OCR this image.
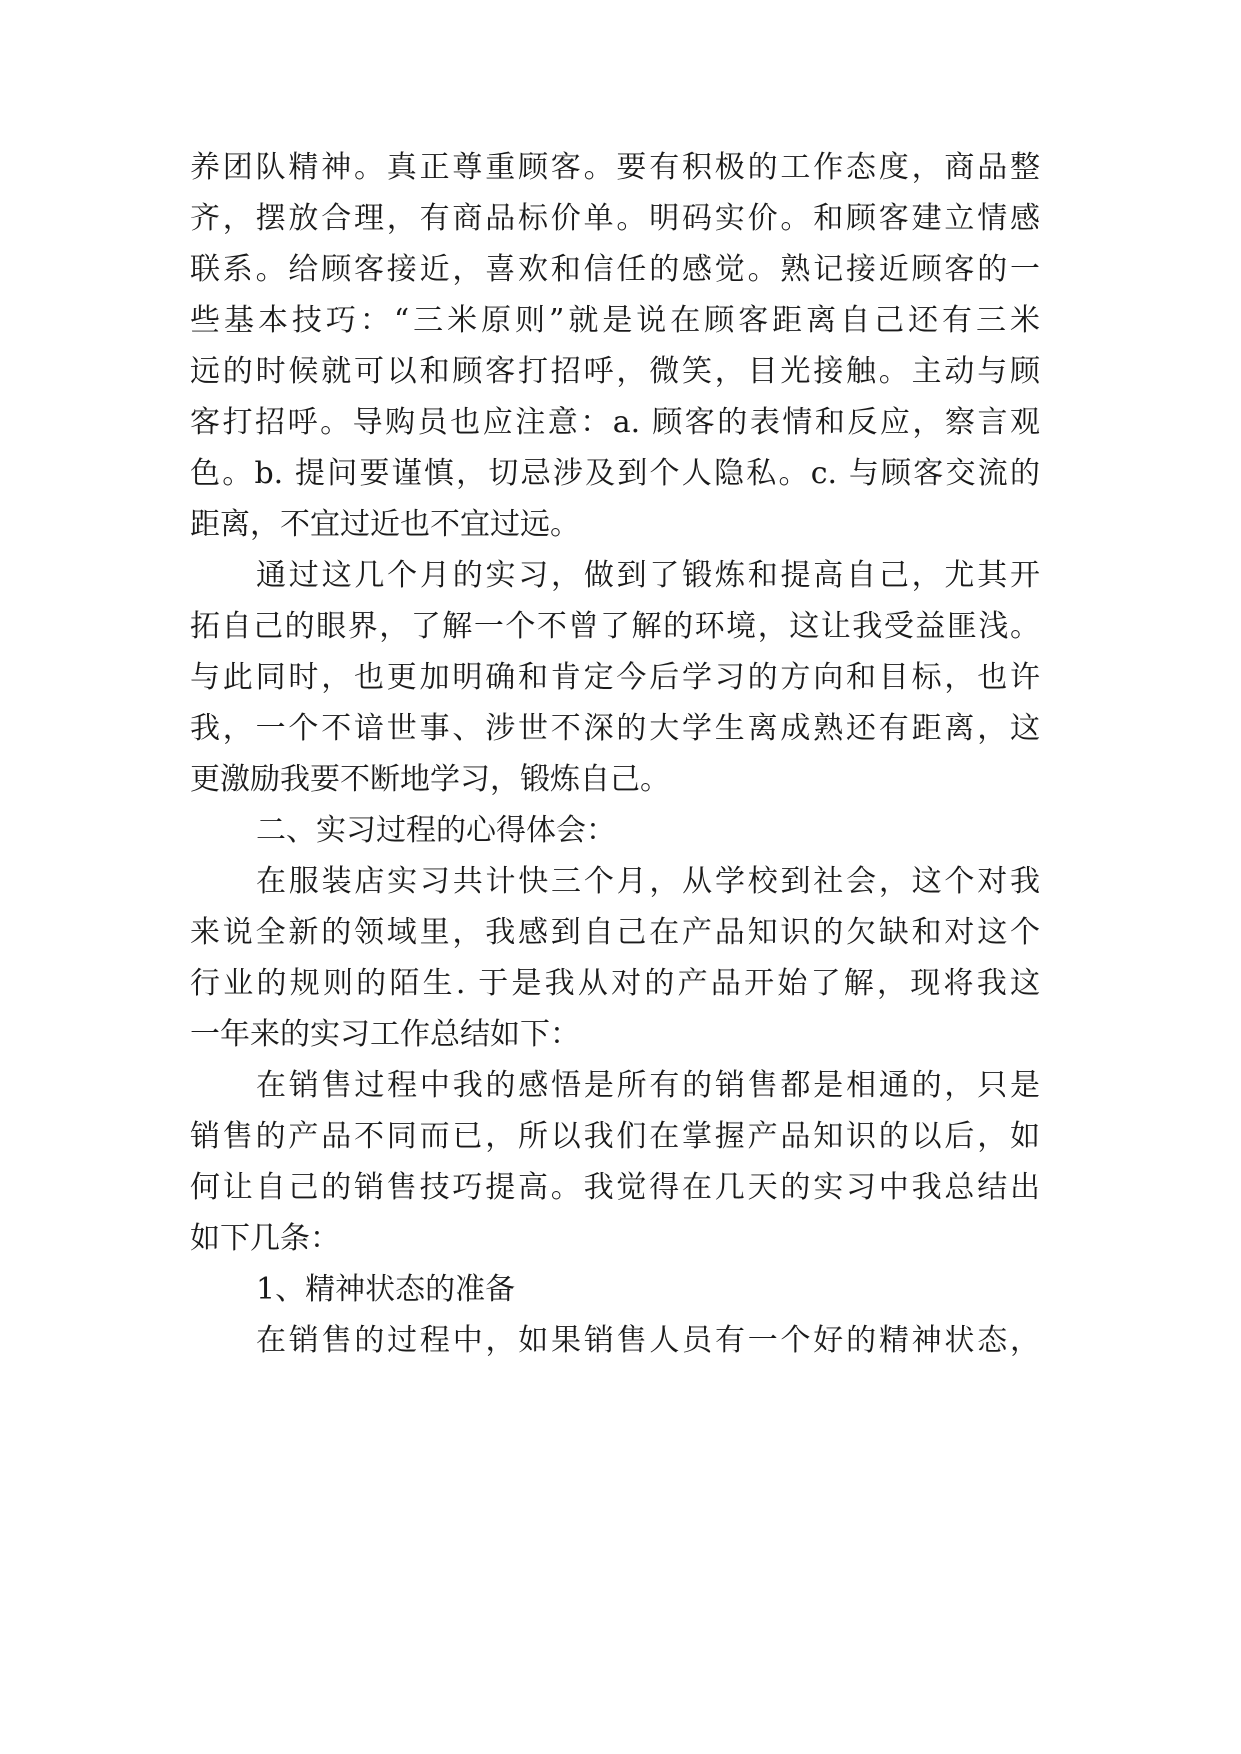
养团队精神。真正尊重顾客。要有积极的工作态度，商品整
齐，摆放合理，有商品标价单。明码实价。和顾客建立情感
联系。给顾客接近，喜欢和信任的感觉。熟记接近顾客的一
些基本技巧：“三米原则”就是说在顾客距离自己还有三米
远的时候就可以和顾客打招呼，微笑，目光接触。主动与顾
客打招呼。导购员也应注意：a. 顾客的表情和反应，察言观
色。b. 提问要谨慎，切忌涉及到个人隐私。c. 与顾客交流的
距离，不宜过近也不宜过远。
通过这几个月的实习，做到了锻炼和提高自己，尤其开
拓自己的眼界，了解一个不曾了解的环境，这让我受益匪浅。
与此同时，也更加明确和肯定今后学习的方向和目标，也许
我，一个不谙世事、涉世不深的大学生离成熟还有距离，这
更激励我要不断地学习，锻炼自己。
二、实习过程的心得体会：
在服装店实习共计快三个月，从学校到社会，这个对我
来说全新的领域里，我感到自己在产品知识的欠缺和对这个
行业的规则的陌生. 于是我从对的产品开始了解，现将我这
一年来的实习工作总结如下：
在销售过程中我的感悟是所有的销售都是相通的，只是
销售的产品不同而已，所以我们在掌握产品知识的以后，如
何让自己的销售技巧提高。我觉得在几天的实习中我总结出
如下几条：
1、精神状态的准备
在销售的过程中，如果销售人员有一个好的精神状态，
